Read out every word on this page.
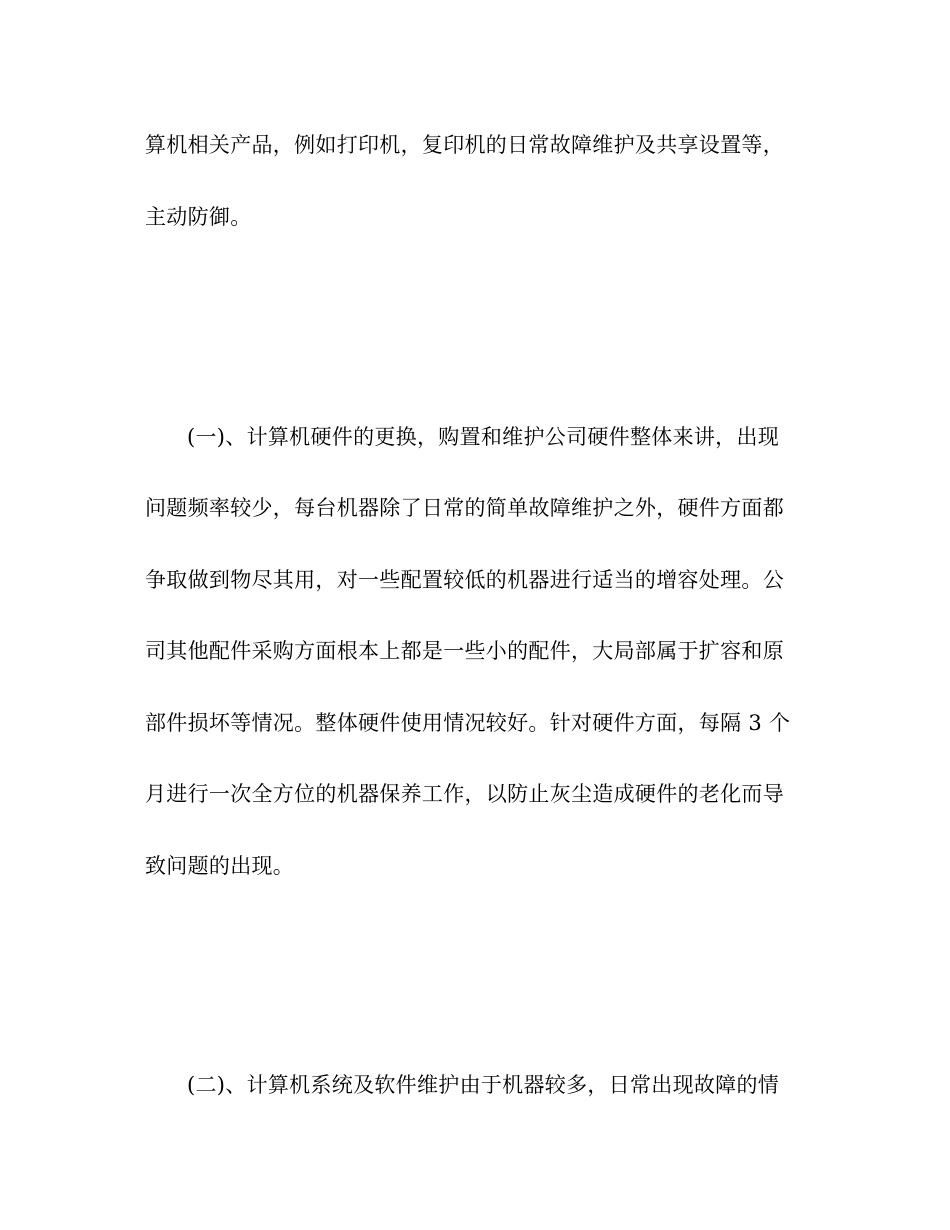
算机相关产品，例如打印机，复印机的日常故障维护及共享设置等，
主动防御。
(一)、计算机硬件的更换，购置和维护公司硬件整体来讲，出现
问题频率较少，每台机器除了日常的简单故障维护之外，硬件方面都
争取做到物尽其用，对一些配置较低的机器进行适当的增容处理。公
司其他配件采购方面根本上都是一些小的配件，大局部属于扩容和原
部件损坏等情况。整体硬件使用情况较好。针对硬件方面，每隔 3 个
月进行一次全方位的机器保养工作，以防止灰尘造成硬件的老化而导
致问题的出现。
(二)、计算机系统及软件维护由于机器较多，日常出现故障的情
